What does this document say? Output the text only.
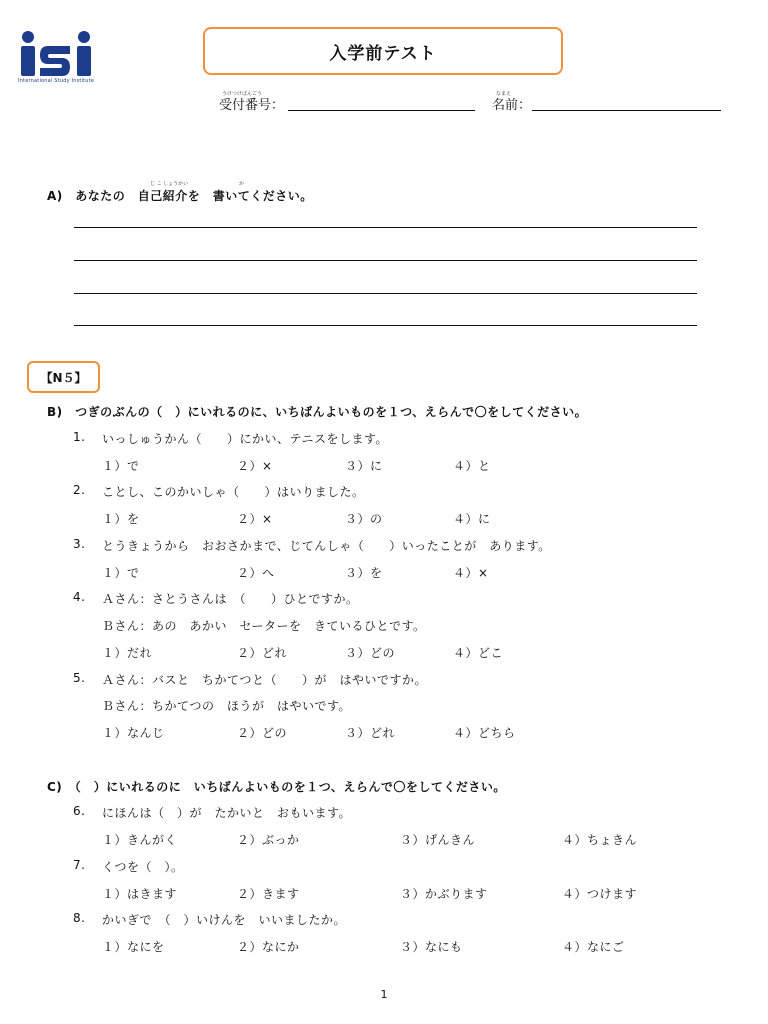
International Study Institute
入学前テスト
うけつけばんごう
受付番号：
なまえ
名前：
じ こ しょうかい	か
A)　あなたの　自己紹介を　書いてください。
【N５】
B)　つぎのぶんの（　）にいれるのに、いちばんよいものを１つ、えらんで〇をしてください。
1. いっしゅうかん（　　）にかい、テニスをします。
１）で	２）×	３）に	４）と
2. ことし、このかいしゃ（　　）はいりました。
１）を	２）×	３）の	４）に
3. とうきょうから　おおさかまで、じてんしゃ（　　）いったことが　あります。
１）で	２）へ	３）を	４）×
4. Ａさん：さとうさんは　（　　）ひとですか。
Ｂさん：あの　あかい　セーターを　きているひとです。
１）だれ	２）どれ	３）どの	４）どこ
5. Ａさん：バスと　ちかてつと（　　）が　はやいですか。
Ｂさん：ちかてつの　ほうが　はやいです。
１）なんじ	２）どの	３）どれ	４）どちら
C)　（　）にいれるのに　いちばんよいものを１つ、えらんで〇をしてください。
6. にほんは（　）が　たかいと　おもいます。
１）きんがく	２）ぶっか	３）げんきん	４）ちょきん
7. くつを（　）。
１）はきます	２）きます	３）かぶります	４）つけます
8. かいぎで　（　）いけんを　いいましたか。
１）なにを	２）なにか	３）なにも	４）なにご
1
